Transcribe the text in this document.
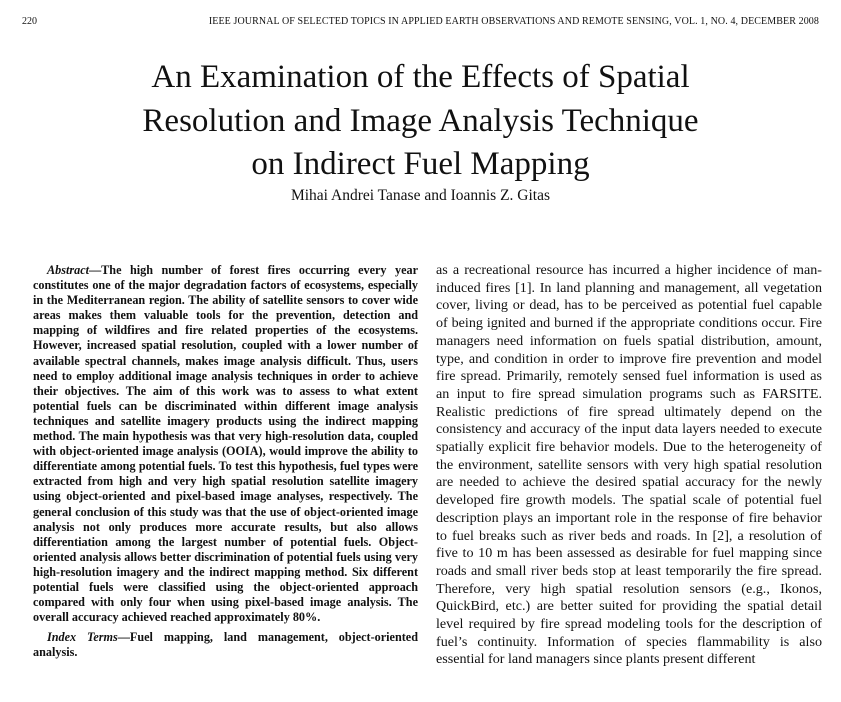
220	IEEE JOURNAL OF SELECTED TOPICS IN APPLIED EARTH OBSERVATIONS AND REMOTE SENSING, VOL. 1, NO. 4, DECEMBER 2008
An Examination of the Effects of Spatial
Resolution and Image Analysis Technique
on Indirect Fuel Mapping
Mihai Andrei Tanase and Ioannis Z. Gitas

Abstract—The high number of forest fires occurring every year constitutes one of the major degradation factors of ecosystems, especially in the Mediterranean region. The ability of satellite sensors to cover wide areas makes them valuable tools for the prevention, detection and mapping of wildfires and fire related properties of the ecosystems. However, increased spatial resolution, coupled with a lower number of available spectral channels, makes image analysis difficult. Thus, users need to employ additional image analysis techniques in order to achieve their objectives. The aim of this work was to assess to what extent potential fuels can be discriminated within different image analysis techniques and satellite imagery products using the indirect mapping method. The main hypothesis was that very high-resolution data, coupled with object-oriented image analysis (OOIA), would improve the ability to differentiate among potential fuels. To test this hypothesis, fuel types were extracted from high and very high spatial resolution satellite imagery using object-oriented and pixel-based image analyses, respectively. The general conclusion of this study was that the use of object-oriented image analysis not only produces more accurate results, but also allows differentiation among the largest number of potential fuels. Object-oriented analysis allows better discrimination of potential fuels using very high-resolution imagery and the indirect mapping method. Six different potential fuels were classified using the object-oriented approach compared with only four when using pixel-based image analysis. The overall accuracy achieved reached approximately 80%.

Index Terms—Fuel mapping, land management, object-oriented analysis.

as a recreational resource has incurred a higher incidence of man-induced fires [1]. In land planning and management, all vegetation cover, living or dead, has to be perceived as potential fuel capable of being ignited and burned if the appropriate conditions occur. Fire managers need information on fuels spatial distribution, amount, type, and condition in order to improve fire prevention and model fire spread. Primarily, remotely sensed fuel information is used as an input to fire spread simulation programs such as FARSITE. Realistic predictions of fire spread ultimately depend on the consistency and accuracy of the input data layers needed to execute spatially explicit fire behavior models. Due to the heterogeneity of the environment, satellite sensors with very high spatial resolution are needed to achieve the desired spatial accuracy for the newly developed fire growth models. The spatial scale of potential fuel description plays an important role in the response of fire behavior to fuel breaks such as river beds and roads. In [2], a resolution of five to 10 m has been assessed as desirable for fuel mapping since roads and small river beds stop at least temporarily the fire spread. Therefore, very high spatial resolution sensors (e.g., Ikonos, QuickBird, etc.) are better suited for providing the spatial detail level required by fire spread modeling tools for the description of fuel’s continuity. Information of species flammability is also essential for land managers since plants present different
